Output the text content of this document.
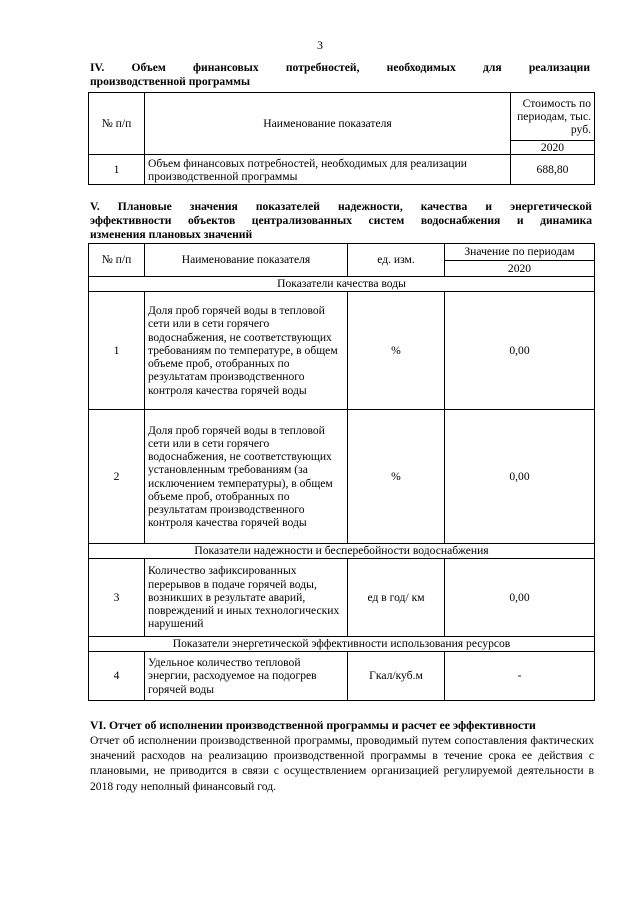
3
IV. Объем финансовых потребностей, необходимых для реализации
производственной программы
№ п/п	Наименование показателя	Стоимость по периодам, тыс. руб.
		2020
1	Объем финансовых потребностей, необходимых для реализации производственной программы	688,80
V. Плановые значения показателей надежности, качества и энергетической
эффективности объектов централизованных систем водоснабжения и динамика
изменения плановых значений
№ п/п	Наименование показателя	ед. изм.	Значение по периодам
			2020
Показатели качества воды			
1	Доля проб горячей воды в тепловой сети или в сети горячего водоснабжения, не соответствующих требованиям по температуре, в общем объеме проб, отобранных по результатам производственного контроля качества горячей воды	%	0,00
2	Доля проб горячей воды в тепловой сети или в сети горячего водоснабжения, не соответствующих установленным требованиям (за исключением температуры), в общем объеме проб, отобранных по результатам производственного контроля качества горячей воды	%	0,00
Показатели надежности и бесперебойности водоснабжения			
3	Количество зафиксированных перерывов в подаче горячей воды, возникших в результате аварий, повреждений и иных технологических нарушений	ед в год/ км	0,00
Показатели энергетической эффективности использования ресурсов			
4	Удельное количество тепловой энергии, расходуемое на подогрев горячей воды	Гкал/куб.м	-
VI. Отчет об исполнении производственной программы и расчет ее эффективности
Отчет об исполнении производственной программы, проводимый путем сопоставления фактических значений расходов на реализацию производственной программы в течение срока ее действия с плановыми, не приводится в связи с осуществлением организацией регулируемой деятельности в 2018 году неполный финансовый год.
